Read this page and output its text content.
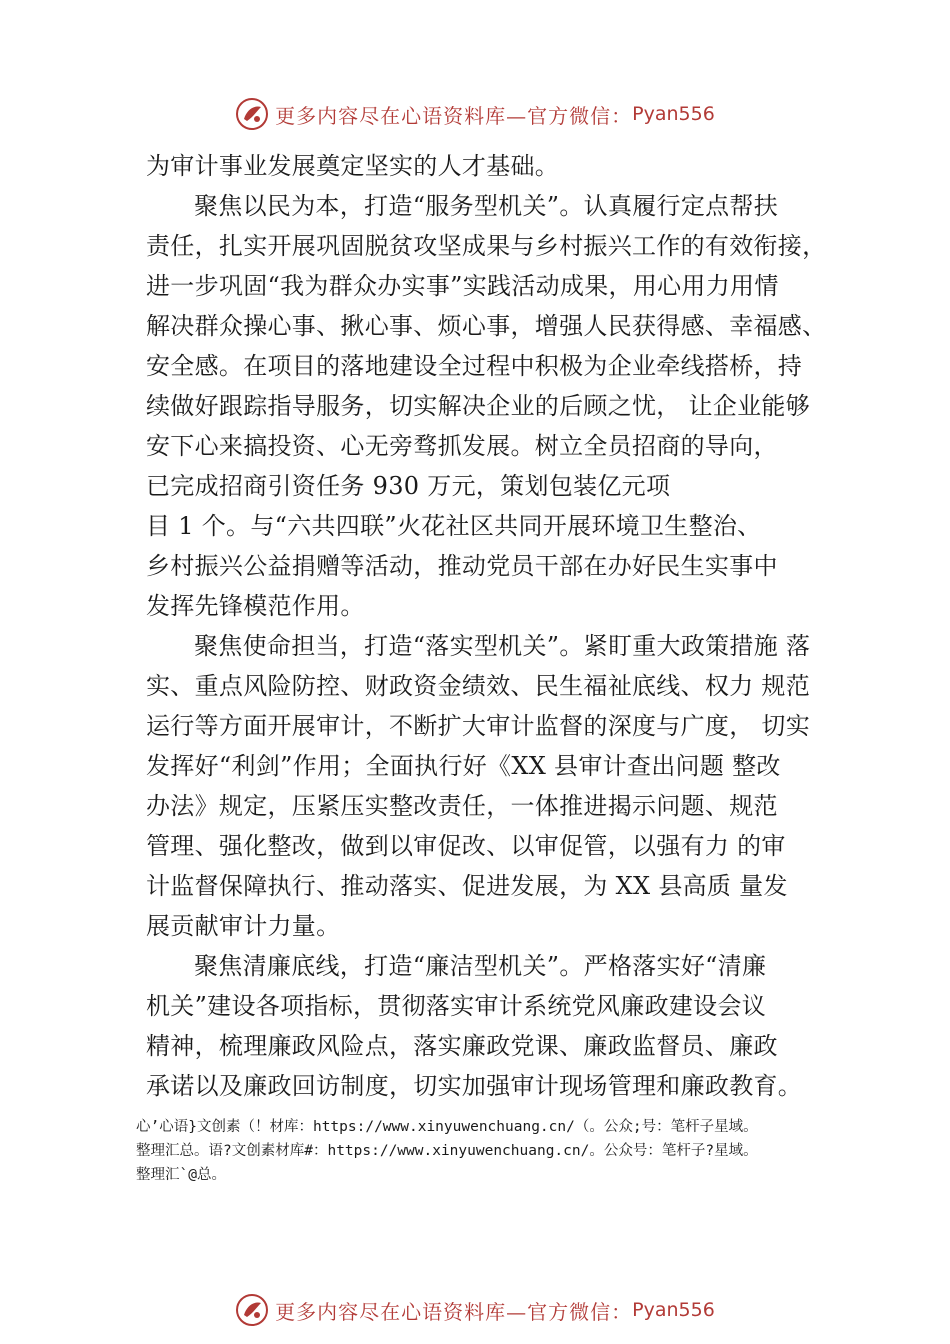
更多内容尽在心语资料库—官方微信： Pyan556
为审计事业发展奠定坚实的人才基础。
聚焦以民为本，打造“服务型机关”。认真履行定点帮扶
责任，扎实开展巩固脱贫攻坚成果与乡村振兴工作的有效衔接，
进一步巩固“我为群众办实事”实践活动成果，用心用力用情
解决群众操心事、揪心事、烦心事，增强人民获得感、幸福感、
安全感。在项目的落地建设全过程中积极为企业牵线搭桥，持
续做好跟踪指导服务，切实解决企业的后顾之忧， 让企业能够
安下心来搞投资、心无旁骛抓发展。树立全员招商的导向，
已完成招商引资任务 930 万元，策划包装亿元项
目 1 个。与“六共四联”火花社区共同开展环境卫生整治、
乡村振兴公益捐赠等活动，推动党员干部在办好民生实事中
发挥先锋模范作用。
聚焦使命担当，打造“落实型机关”。紧盯重大政策措施 落
实、重点风险防控、财政资金绩效、民生福祉底线、权力 规范
运行等方面开展审计，不断扩大审计监督的深度与广度， 切实
发挥好“利剑”作用；全面执行好《XX 县审计查出问题 整改
办法》规定，压紧压实整改责任，一体推进揭示问题、规范
管理、强化整改，做到以审促改、以审促管，以强有力 的审
计监督保障执行、推动落实、促进发展，为 XX 县高质 量发
展贡献审计力量。
聚焦清廉底线，打造“廉洁型机关”。严格落实好“清廉
机关”建设各项指标，贯彻落实审计系统党风廉政建设会议
精神，梳理廉政风险点，落实廉政党课、廉政监督员、廉政
承诺以及廉政回访制度，切实加强审计现场管理和廉政教育。
心’心语}文创素（！材库：https://www.xinyuwenchuang.cn/（。公众;号：笔杆子星域。
整理汇总。语?文创素材库#：https://www.xinyuwenchuang.cn/。公众号：笔杆子?星域。
整理汇`@总。
更多内容尽在心语资料库—官方微信： Pyan556
